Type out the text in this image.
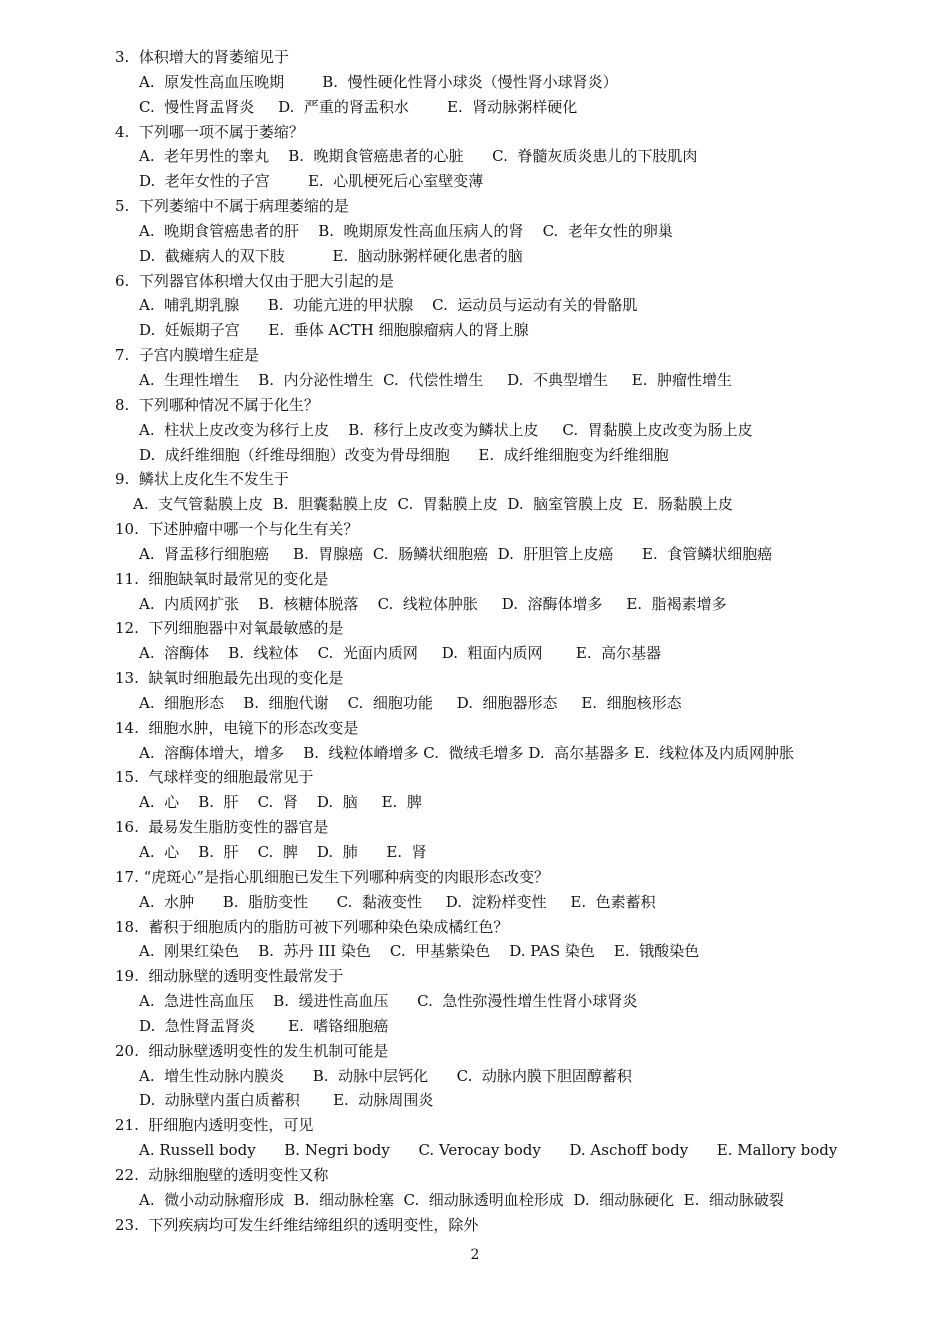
3.  体积增大的肾萎缩见于
A.  原发性高血压晚期        B.  慢性硬化性肾小球炎（慢性肾小球肾炎）
C.  慢性肾盂肾炎     D.  严重的肾盂积水        E.  肾动脉粥样硬化
4.  下列哪一项不属于萎缩？
A.  老年男性的睾丸    B.  晚期食管癌患者的心脏      C.  脊髓灰质炎患儿的下肢肌肉
D.  老年女性的子宫        E.  心肌梗死后心室壁变薄
5.  下列萎缩中不属于病理萎缩的是
A.  晚期食管癌患者的肝    B.  晚期原发性高血压病人的肾    C.  老年女性的卵巢
D.  截瘫病人的双下肢          E.  脑动脉粥样硬化患者的脑
6.  下列器官体积增大仅由于肥大引起的是
A.  哺乳期乳腺      B.  功能亢进的甲状腺    C.  运动员与运动有关的骨骼肌
D.  妊娠期子宫      E.  垂体 ACTH 细胞腺瘤病人的肾上腺
7.  子宫内膜增生症是
A.  生理性增生    B.  内分泌性增生  C.  代偿性增生     D.  不典型增生     E.  肿瘤性增生
8.  下列哪种情况不属于化生？
A.  柱状上皮改变为移行上皮    B.  移行上皮改变为鳞状上皮     C.  胃黏膜上皮改变为肠上皮
D.  成纤维细胞（纤维母细胞）改变为骨母细胞      E.  成纤维细胞变为纤维细胞
9.  鳞状上皮化生不发生于
A.  支气管黏膜上皮  B.  胆囊黏膜上皮  C.  胃黏膜上皮  D.  脑室管膜上皮  E.  肠黏膜上皮
10.  下述肿瘤中哪一个与化生有关？
A.  肾盂移行细胞癌     B.  胃腺癌  C.  肠鳞状细胞癌  D.  肝胆管上皮癌      E.  食管鳞状细胞癌
11.  细胞缺氧时最常见的变化是
A.  内质网扩张    B.  核糖体脱落    C.  线粒体肿胀     D.  溶酶体增多     E.  脂褐素增多
12.  下列细胞器中对氧最敏感的是
A.  溶酶体    B.  线粒体    C.  光面内质网     D.  粗面内质网       E.  高尔基器
13.  缺氧时细胞最先出现的变化是
A.  细胞形态    B.  细胞代谢    C.  细胞功能     D.  细胞器形态     E.  细胞核形态
14.  细胞水肿，电镜下的形态改变是
A.  溶酶体增大，增多    B.  线粒体嵴增多 C.  微绒毛增多 D.  高尔基器多 E.  线粒体及内质网肿胀
15.  气球样变的细胞最常见于
A.  心    B.  肝    C.  肾    D.  脑     E.  脾
16.  最易发生脂肪变性的器官是
A.  心    B.  肝    C.  脾    D.  肺      E.  肾
17. “虎斑心”是指心肌细胞已发生下列哪种病变的肉眼形态改变？
A.  水肿      B.  脂肪变性      C.  黏液变性     D.  淀粉样变性     E.  色素蓄积
18.  蓄积于细胞质内的脂肪可被下列哪种染色染成橘红色？
A.  刚果红染色    B.  苏丹 III 染色    C.  甲基紫染色    D. PAS 染色    E.  锇酸染色
19.  细动脉壁的透明变性最常发于
A.  急进性高血压    B.  缓进性高血压      C.  急性弥漫性增生性肾小球肾炎
D.  急性肾盂肾炎       E.  嗜铬细胞癌
20.  细动脉壁透明变性的发生机制可能是
A.  增生性动脉内膜炎      B.  动脉中层钙化      C.  动脉内膜下胆固醇蓄积
D.  动脉壁内蛋白质蓄积       E.  动脉周围炎
21.  肝细胞内透明变性，可见
A. Russell body      B. Negri body      C. Verocay body      D. Aschoff body      E. Mallory body
22.  动脉细胞壁的透明变性又称
A.  微小动动脉瘤形成  B.  细动脉栓塞  C.  细动脉透明血栓形成  D.  细动脉硬化  E.  细动脉破裂
23.  下列疾病均可发生纤维结缔组织的透明变性，除外
2
